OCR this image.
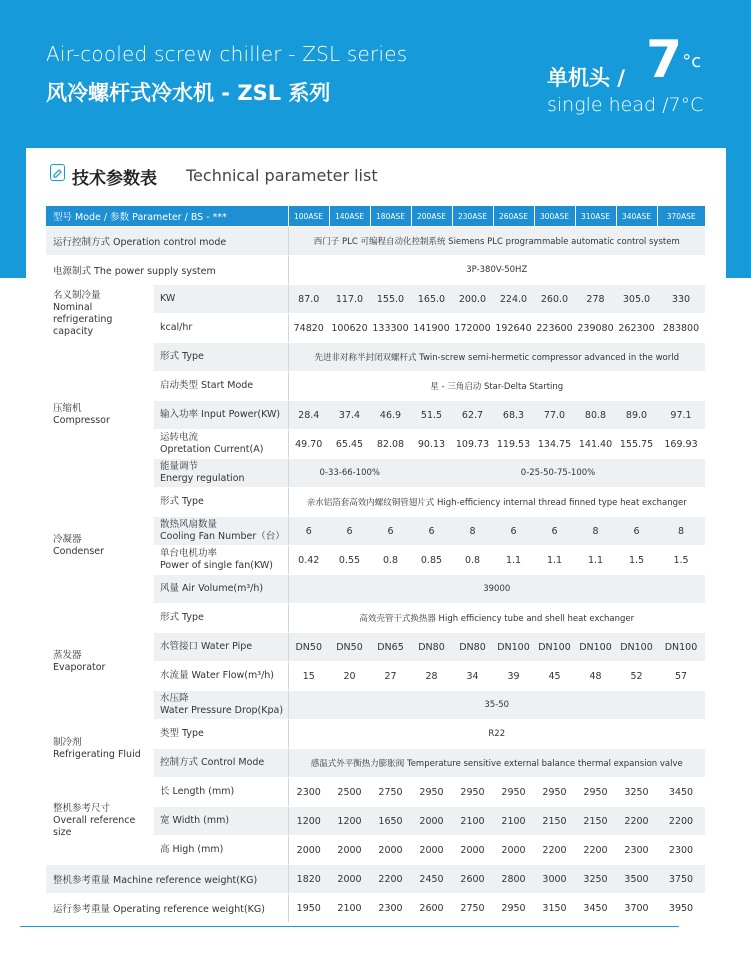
Air-cooled screw chiller - ZSL series
风冷螺杆式冷水机 - ZSL 系列
单机头 / $7^{^\circ c}$
single head /7°C
技术参数表 Technical parameter list
型号 Mode / 参数 Parameter / BS - ***		100ASE	140ASE	180ASE	200ASE	230ASE	260ASE	300ASE	310ASE	340ASE	370ASE
运行控制方式 Operation control mode		西门子 PLC 可编程自动化控制系统 Siemens PLC programmable automatic control system									
电源制式 The power supply system		3P-380V-50HZ									
名义制冷量
Nominal refrigerating
capacity	KW	87.0	117.0	155.0	165.0	200.0	224.0	260.0	278	305.0	330
	kcal/hr	74820	100620	133300	141900	172000	192640	223600	239080	262300	283800
压缩机
Compressor	形式 Type	先进非对称半封闭双螺杆式 Twin-screw semi-hermetic compressor advanced in the world									
	启动类型 Start Mode	星 - 三角启动 Star-Delta Starting									
	输入功率 Input Power(KW)	28.4	37.4	46.9	51.5	62.7	68.3	77.0	80.8	89.0	97.1
	运转电流
Opretation Current(A)	49.70	65.45	82.08	90.13	109.73	119.53	134.75	141.40	155.75	169.93
	能量调节
Energy regulation	0-33-66-100%			0-25-50-75-100%						
冷凝器
Condenser	形式 Type	亲水铝箔套高效内螺纹铜管翅片式 High-efficiency internal thread finned type heat exchanger									
	散热风扇数量
Cooling Fan Number（台）	6	6	6	6	8	6	6	8	6	8
	单台电机功率
Power of single fan(KW)	0.42	0.55	0.8	0.85	0.8	1.1	1.1	1.1	1.5	1.5
	风量 Air Volume(m³/h)	39000									
蒸发器
Evaporator	形式 Type	高效壳管干式换热器 High efficiency tube and shell heat exchanger									
	水管接口 Water Pipe	DN50	DN50	DN65	DN80	DN80	DN100	DN100	DN100	DN100	DN100
	水流量 Water Flow(m³/h)	15	20	27	28	34	39	45	48	52	57
	水压降
Water Pressure Drop(Kpa)	35-50									
制冷剂
Refrigerating Fluid	类型 Type	R22									
	控制方式 Control Mode	感温式外平衡热力膨胀阀 Temperature sensitive external balance thermal expansion valve									
整机参考尺寸
Overall reference size	长 Length (mm)	2300	2500	2750	2950	2950	2950	2950	2950	3250	3450
	宽 Width (mm)	1200	1200	1650	2000	2100	2100	2150	2150	2200	2200
	高 High (mm)	2000	2000	2000	2000	2000	2000	2200	2200	2300	2300
整机参考重量 Machine reference weight(KG)		1820	2000	2200	2450	2600	2800	3000	3250	3500	3750
运行参考重量 Operating reference weight(KG)		1950	2100	2300	2600	2750	2950	3150	3450	3700	3950
